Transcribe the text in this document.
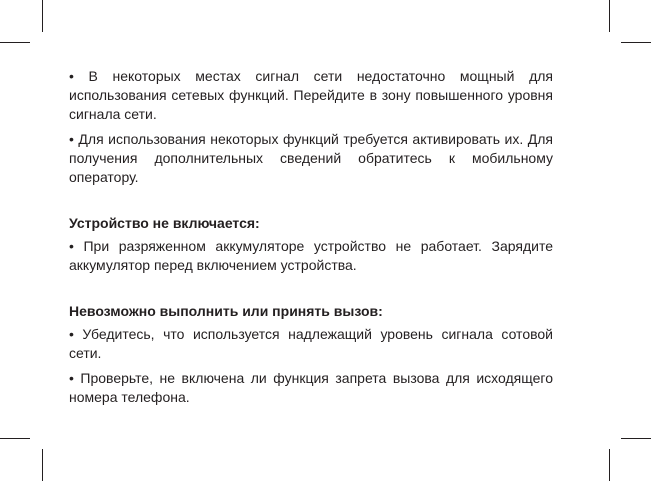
• В некоторых местах сигнал сети недостаточно мощный для использования сетевых функций. Перейдите в зону повышенного уровня сигнала сети.

• Для использования некоторых функций требуется активировать их. Для получения дополнительных сведений обратитесь к мобильному оператору.

Устройство не включается:

• При разряженном аккумуляторе устройство не работает. Зарядите аккумулятор перед включением устройства.

Невозможно выполнить или принять вызов:

• Убедитесь, что используется надлежащий уровень сигнала сотовой сети.

• Проверьте, не включена ли функция запрета вызова для исходящего номера телефона.
